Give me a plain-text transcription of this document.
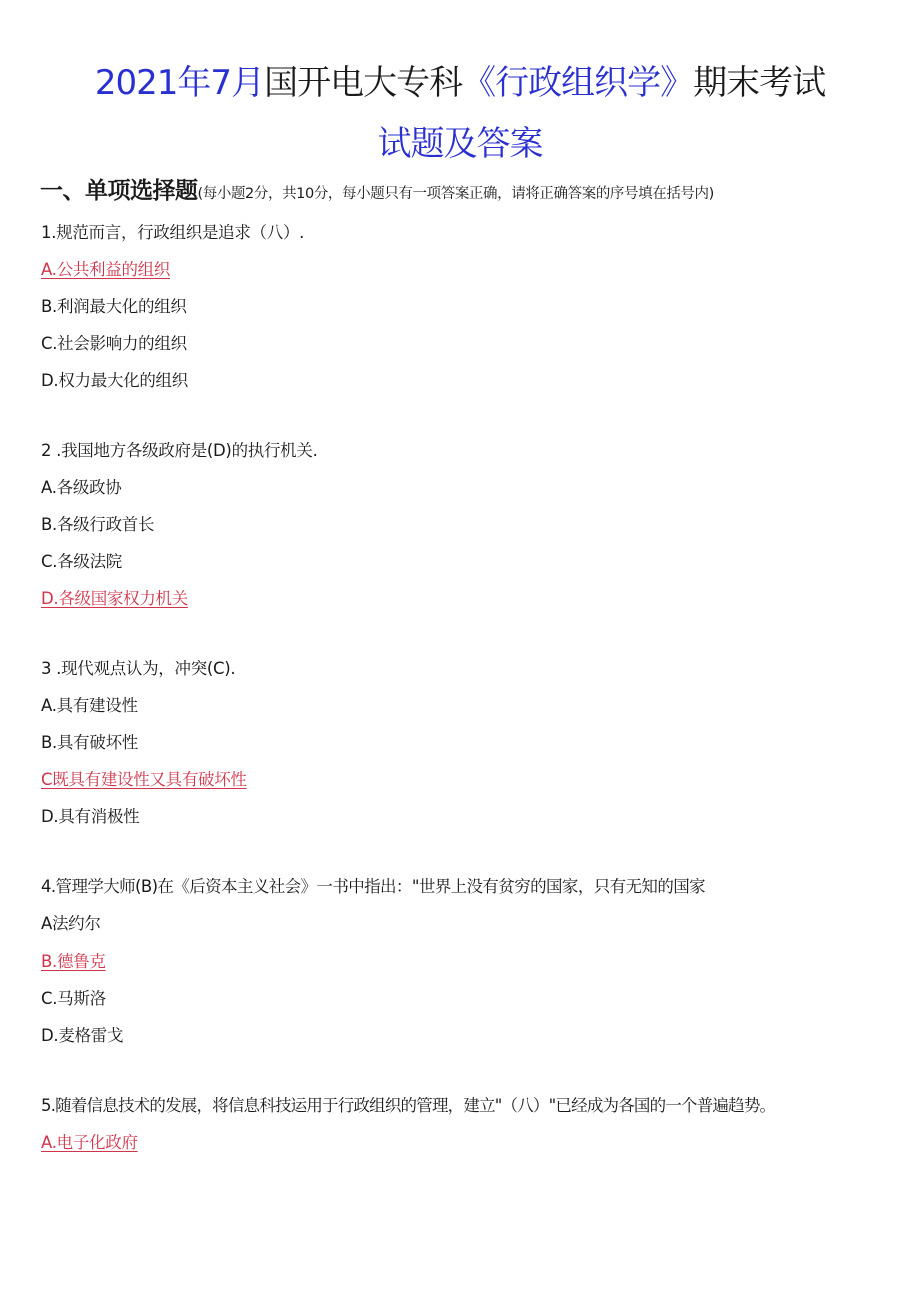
2021年7月国开电大专科《行政组织学》期末考试
试题及答案
一、单项选择题(每小题2分，共10分，每小题只有一项答案正确，请将正确答案的序号填在括号内)
1.规范而言，行政组织是追求（八）.
A.公共利益的组织
B.利润最大化的组织
C.社会影响力的组织
D.权力最大化的组织
2 .我国地方各级政府是(D)的执行机关.
A.各级政协
B.各级行政首长
C.各级法院
D.各级国家权力机关
3 .现代观点认为，冲突(C).
A.具有建设性
B.具有破坏性
C既具有建设性又具有破坏性
D.具有消极性
4.管理学大师(B)在《后资本主义社会》一书中指出："世界上没有贫穷的国家，只有无知的国家
A法约尔
B.德鲁克
C.马斯洛
D.麦格雷戈
5.随着信息技术的发展，将信息科技运用于行政组织的管理，建立"（八）"已经成为各国的一个普遍趋势。
A.电子化政府
